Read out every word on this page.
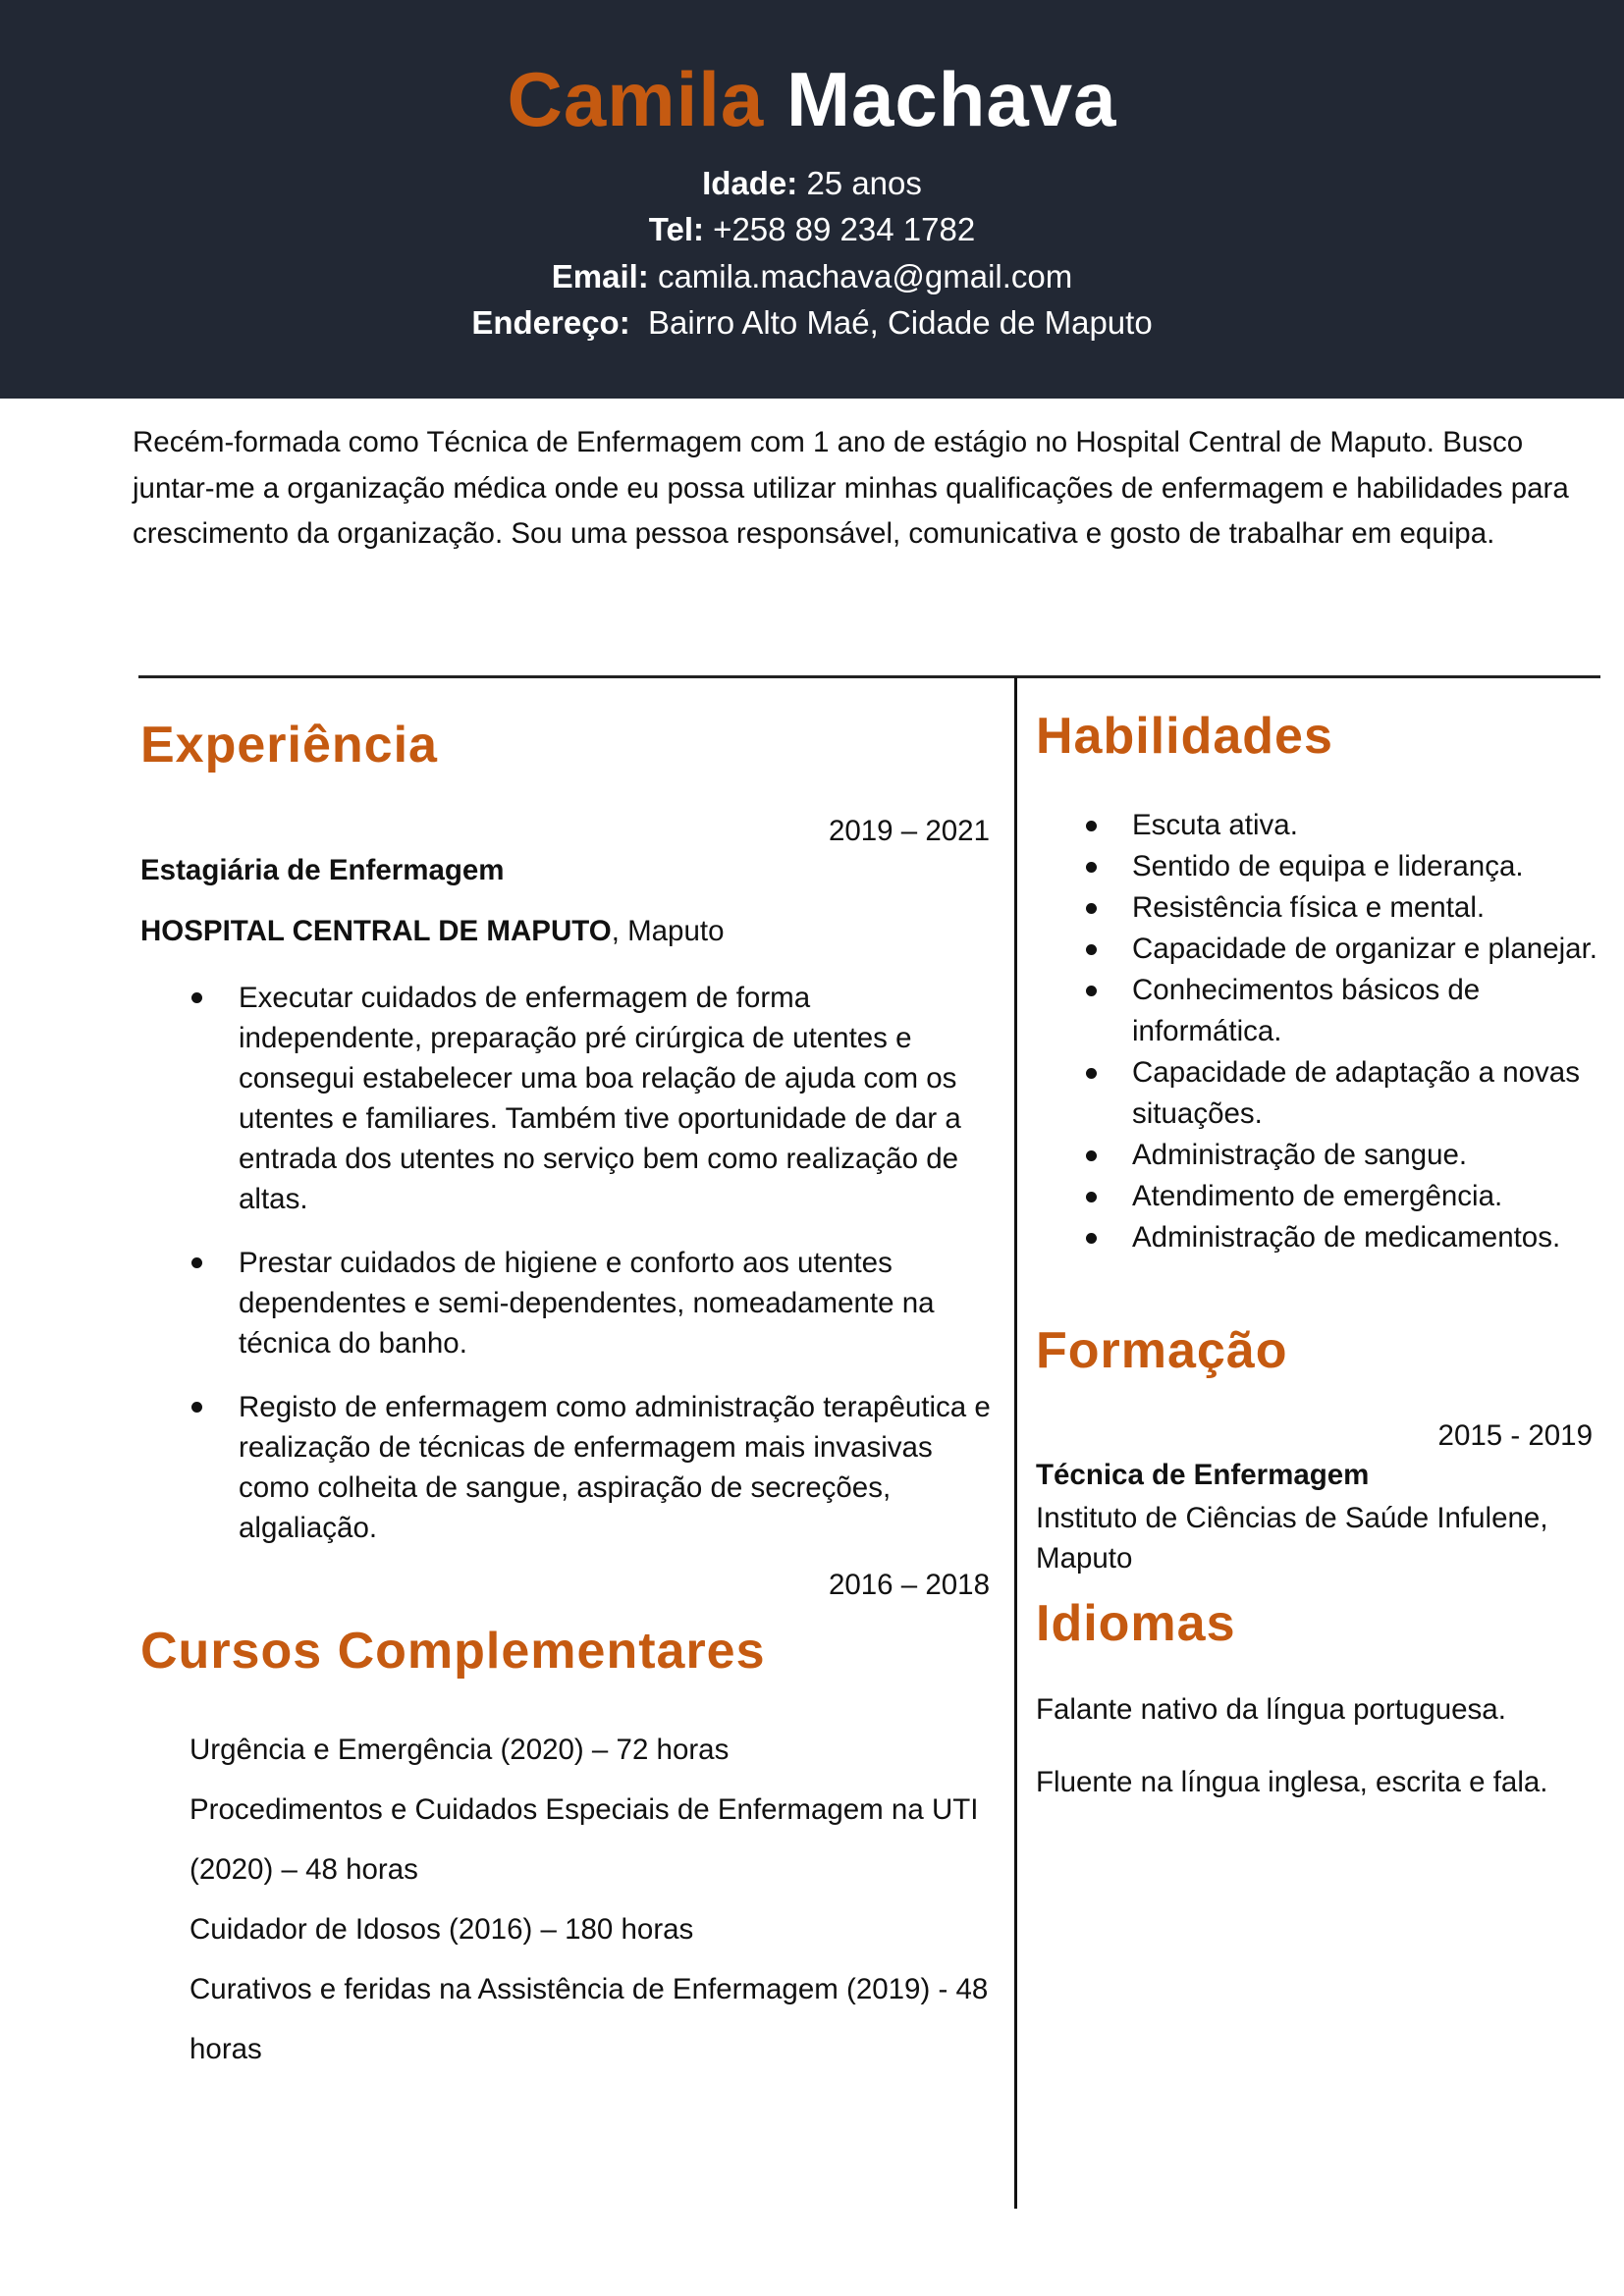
Camila Machava
Idade: 25 anos
Tel: +258 89 234 1782
Email: camila.machava@gmail.com
Endereço:  Bairro Alto Maé, Cidade de Maputo
Recém-formada como Técnica de Enfermagem com 1 ano de estágio no Hospital Central de Maputo. Busco juntar-me a organização médica onde eu possa utilizar minhas qualificações de enfermagem e habilidades para crescimento da organização. Sou uma pessoa responsável, comunicativa e gosto de trabalhar em equipa.
Experiência
2019 – 2021
Estagiária de Enfermagem
HOSPITAL CENTRAL DE MAPUTO, Maputo
Executar cuidados de enfermagem de forma independente, preparação pré cirúrgica de utentes e consegui estabelecer uma boa relação de ajuda com os utentes e familiares. Também tive oportunidade de dar a entrada dos utentes no serviço bem como realização de altas.
Prestar cuidados de higiene e conforto aos utentes dependentes e semi-dependentes, nomeadamente na técnica do banho.
Registo de enfermagem como administração terapêutica e realização de técnicas de enfermagem mais invasivas como colheita de sangue, aspiração de secreções, algaliação.
2016 – 2018
Cursos Complementares
Urgência e Emergência (2020) – 72 horas
Procedimentos e Cuidados Especiais de Enfermagem na UTI (2020) – 48 horas
Cuidador de Idosos (2016) – 180 horas
Curativos e feridas na Assistência de Enfermagem (2019) - 48 horas
Habilidades
Escuta ativa.
Sentido de equipa e liderança.
Resistência física e mental.
Capacidade de organizar e planejar.
Conhecimentos básicos de informática.
Capacidade de adaptação a novas situações.
Administração de sangue.
Atendimento de emergência.
Administração de medicamentos.
Formação
2015 - 2019
Técnica de Enfermagem
Instituto de Ciências de Saúde Infulene, Maputo
Idiomas
Falante nativo da língua portuguesa.
Fluente na língua inglesa, escrita e fala.
